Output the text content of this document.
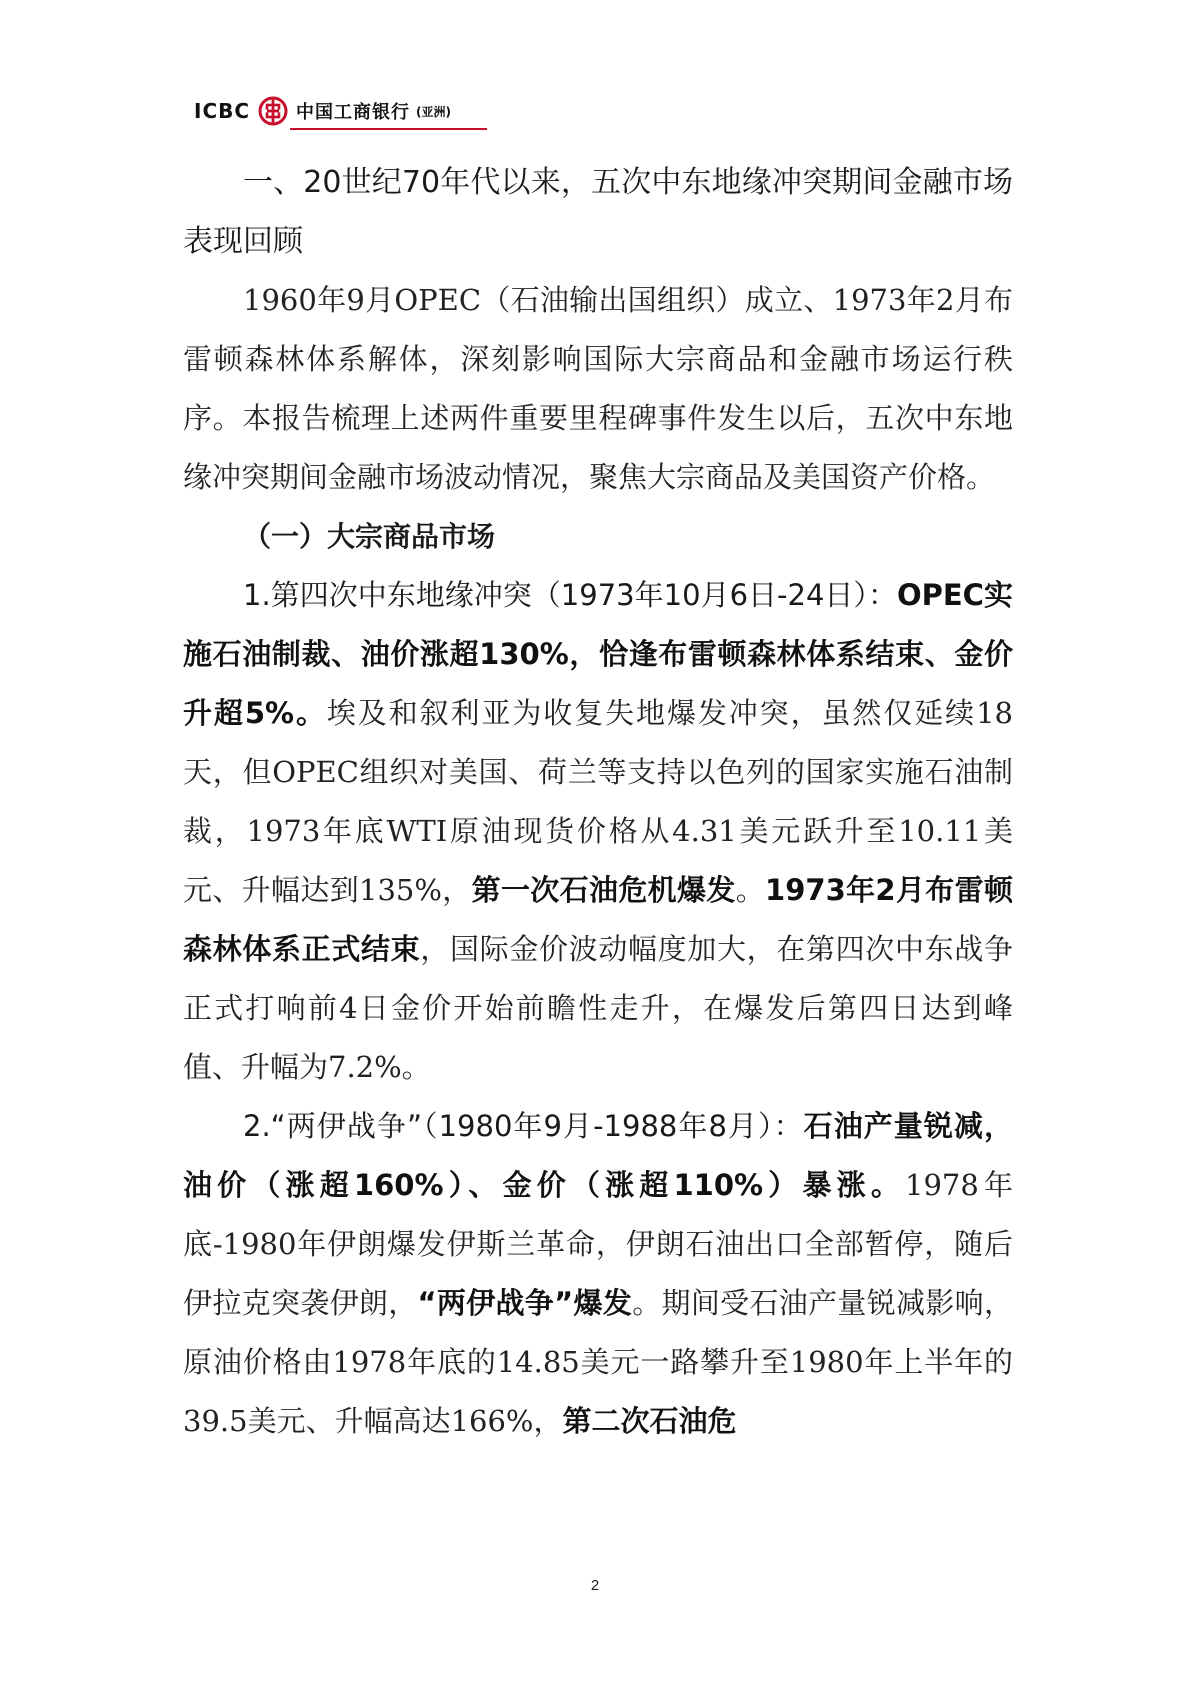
ICBC	中国工商银行 (亚洲)

一、20世纪70年代以来，五次中东地缘冲突期间金融市场表现回顾

1960年9月OPEC（石油输出国组织）成立、1973年2月布雷顿森林体系解体，深刻影响国际大宗商品和金融市场运行秩序。本报告梳理上述两件重要里程碑事件发生以后，五次中东地缘冲突期间金融市场波动情况，聚焦大宗商品及美国资产价格。

（一）大宗商品市场

1.第四次中东地缘冲突（1973年10月6日-24日）：OPEC实施石油制裁、油价涨超130%，恰逢布雷顿森林体系结束、金价升超5%。埃及和叙利亚为收复失地爆发冲突，虽然仅延续18天，但OPEC组织对美国、荷兰等支持以色列的国家实施石油制裁，1973年底WTI原油现货价格从4.31美元跃升至10.11美元、升幅达到135%，第一次石油危机爆发。1973年2月布雷顿森林体系正式结束，国际金价波动幅度加大，在第四次中东战争正式打响前4日金价开始前瞻性走升，在爆发后第四日达到峰值、升幅为7.2%。

2.“两伊战争”（1980年9月-1988年8月）：石油产量锐减，油价（涨超160%）、金价（涨超110%）暴涨。1978年底-1980年伊朗爆发伊斯兰革命，伊朗石油出口全部暂停，随后伊拉克突袭伊朗，“两伊战争”爆发。期间受石油产量锐减影响，原油价格由1978年底的14.85美元一路攀升至1980年上半年的39.5美元、升幅高达166%，第二次石油危

2
